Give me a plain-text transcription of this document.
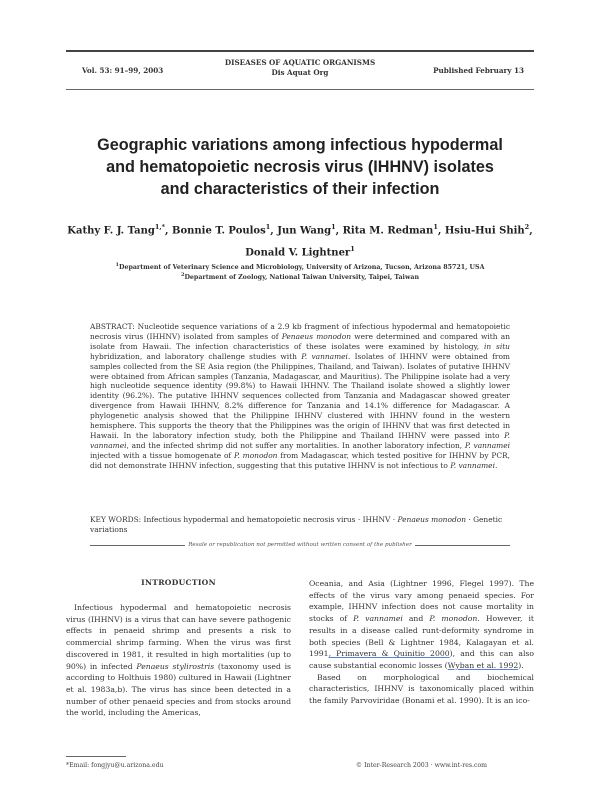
Vol. 53: 91–99, 2003
DISEASES OF AQUATIC ORGANISMS
Dis Aquat Org	Published February 13
Geographic variations among infectious hypodermal
and hematopoietic necrosis virus (IHHNV) isolates
and characteristics of their infection
Kathy F. J. Tang$^{1,*}$, Bonnie T. Poulos$^1$, Jun Wang$^1$, Rita M. Redman$^1$, Hsiu-Hui Shih$^2$,
Donald V. Lightner$^1$
$^1$Department of Veterinary Science and Microbiology, University of Arizona, Tucson, Arizona 85721, USA
$^2$Department of Zoology, National Taiwan University, Taipei, Taiwan

ABSTRACT: Nucleotide sequence variations of a 2.9 kb fragment of infectious hypodermal and hematopoietic necrosis virus (IHHNV) isolated from samples of Penaeus monodon were determined and compared with an isolate from Hawaii. The infection characteristics of these isolates were examined by histology, in situ hybridization, and laboratory challenge studies with P. vannamei. Isolates of IHHNV were obtained from samples collected from the SE Asia region (the Philippines, Thailand, and Taiwan). Isolates of putative IHHNV were obtained from African samples (Tanzania, Madagascar, and Mauritius). The Philippine isolate had a very high nucleotide sequence identity (99.8%) to Hawaii IHHNV. The Thailand isolate showed a slightly lower identity (96.2%). The putative IHHNV sequences collected from Tanzania and Madagascar showed greater divergence from Hawaii IHHNV, 8.2% difference for Tanzania and 14.1% difference for Madagascar. A phylogenetic analysis showed that the Philippine IHHNV clustered with IHHNV found in the western hemisphere. This supports the theory that the Philippines was the origin of IHHNV that was first detected in Hawaii. In the laboratory infection study, both the Philippine and Thailand IHHNV were passed into P. vannamei, and the infected shrimp did not suffer any mortalities. In another laboratory infection, P. vannamei injected with a tissue homogenate of P. monodon from Madagascar, which tested positive for IHHNV by PCR, did not demonstrate IHHNV infection, suggesting that this putative IHHNV is not infectious to P. vannamei.

KEY WORDS: Infectious hypodermal and hematopoietic necrosis virus · IHHNV · Penaeus monodon · Genetic variations
Resale or republication not permitted without written consent of the publisher
INTRODUCTION

Infectious hypodermal and hematopoietic necrosis virus (IHHNV) is a virus that can have severe pathogenic effects in penaeid shrimp and presents a risk to commercial shrimp farming. When the virus was first discovered in 1981, it resulted in high mortalities (up to 90%) in infected Penaeus stylirostris (taxonomy used is according to Holthuis 1980) cultured in Hawaii (Lightner et al. 1983a,b). The virus has since been detected in a number of other penaeid species and from stocks around the world, including the Americas,

Oceania, and Asia (Lightner 1996, Flegel 1997). The effects of the virus vary among penaeid species. For example, IHHNV infection does not cause mortality in stocks of P. vannamei and P. monodon. However, it results in a disease called runt-deformity syndrome in both species (Bell & Lightner 1984, Kalagayan et al. 1991, Primavera & Quinitio 2000), and this can also cause substantial economic losses (Wyban et al. 1992).

Based on morphological and biochemical characteristics, IHHNV is taxonomically placed within the family Parvoviridae (Bonami et al. 1990). It is an ico-

*Email: fongjyu@u.arizona.edu	© Inter-Research 2003 · www.int-res.com
